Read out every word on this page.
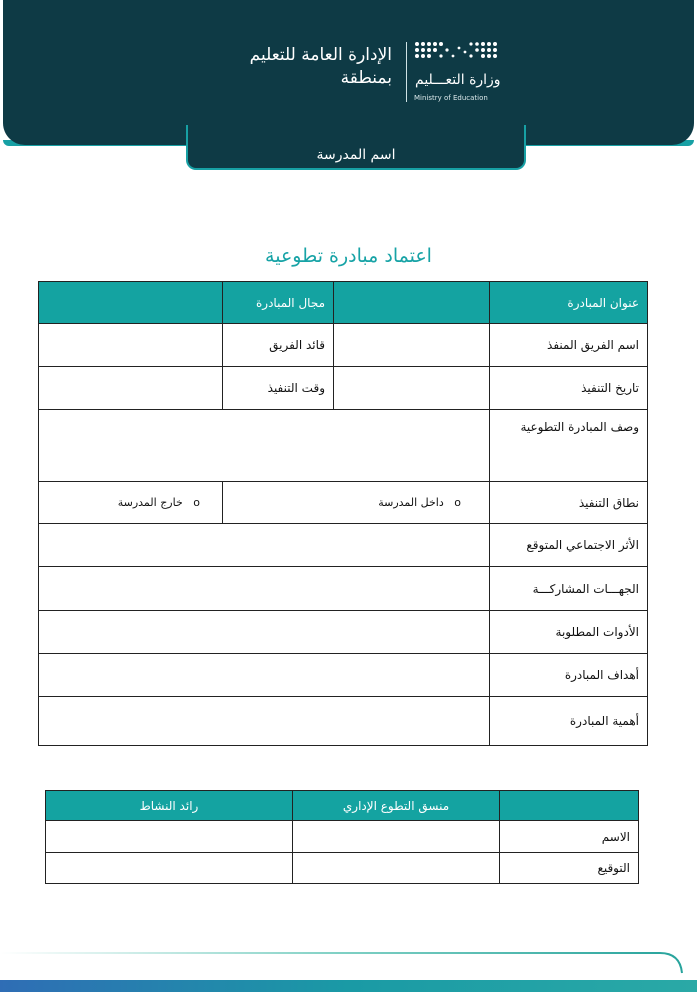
الإدارة العامة للتعليم
بمنطقة وزارة التعـــليم
Ministry of Education
اسم المدرسة
اعتماد مبادرة تطوعية
عنوان المبادرة		مجال المبادرة	
اسم الفريق المنفذ		قائد الفريق	
تاريخ التنفيذ		وقت التنفيذ	
وصف المبادرة التطوعية			
نطاق التنفيذ	o   داخل المدرسة		o   خارج المدرسة
الأثر الاجتماعي المتوقع			
الجهـــات المشاركـــة			
الأدوات المطلوبة			
أهداف المبادرة			
أهمية المبادرة			
	منسق التطوع الإداري	رائد النشاط
الاسم		
التوقيع		
